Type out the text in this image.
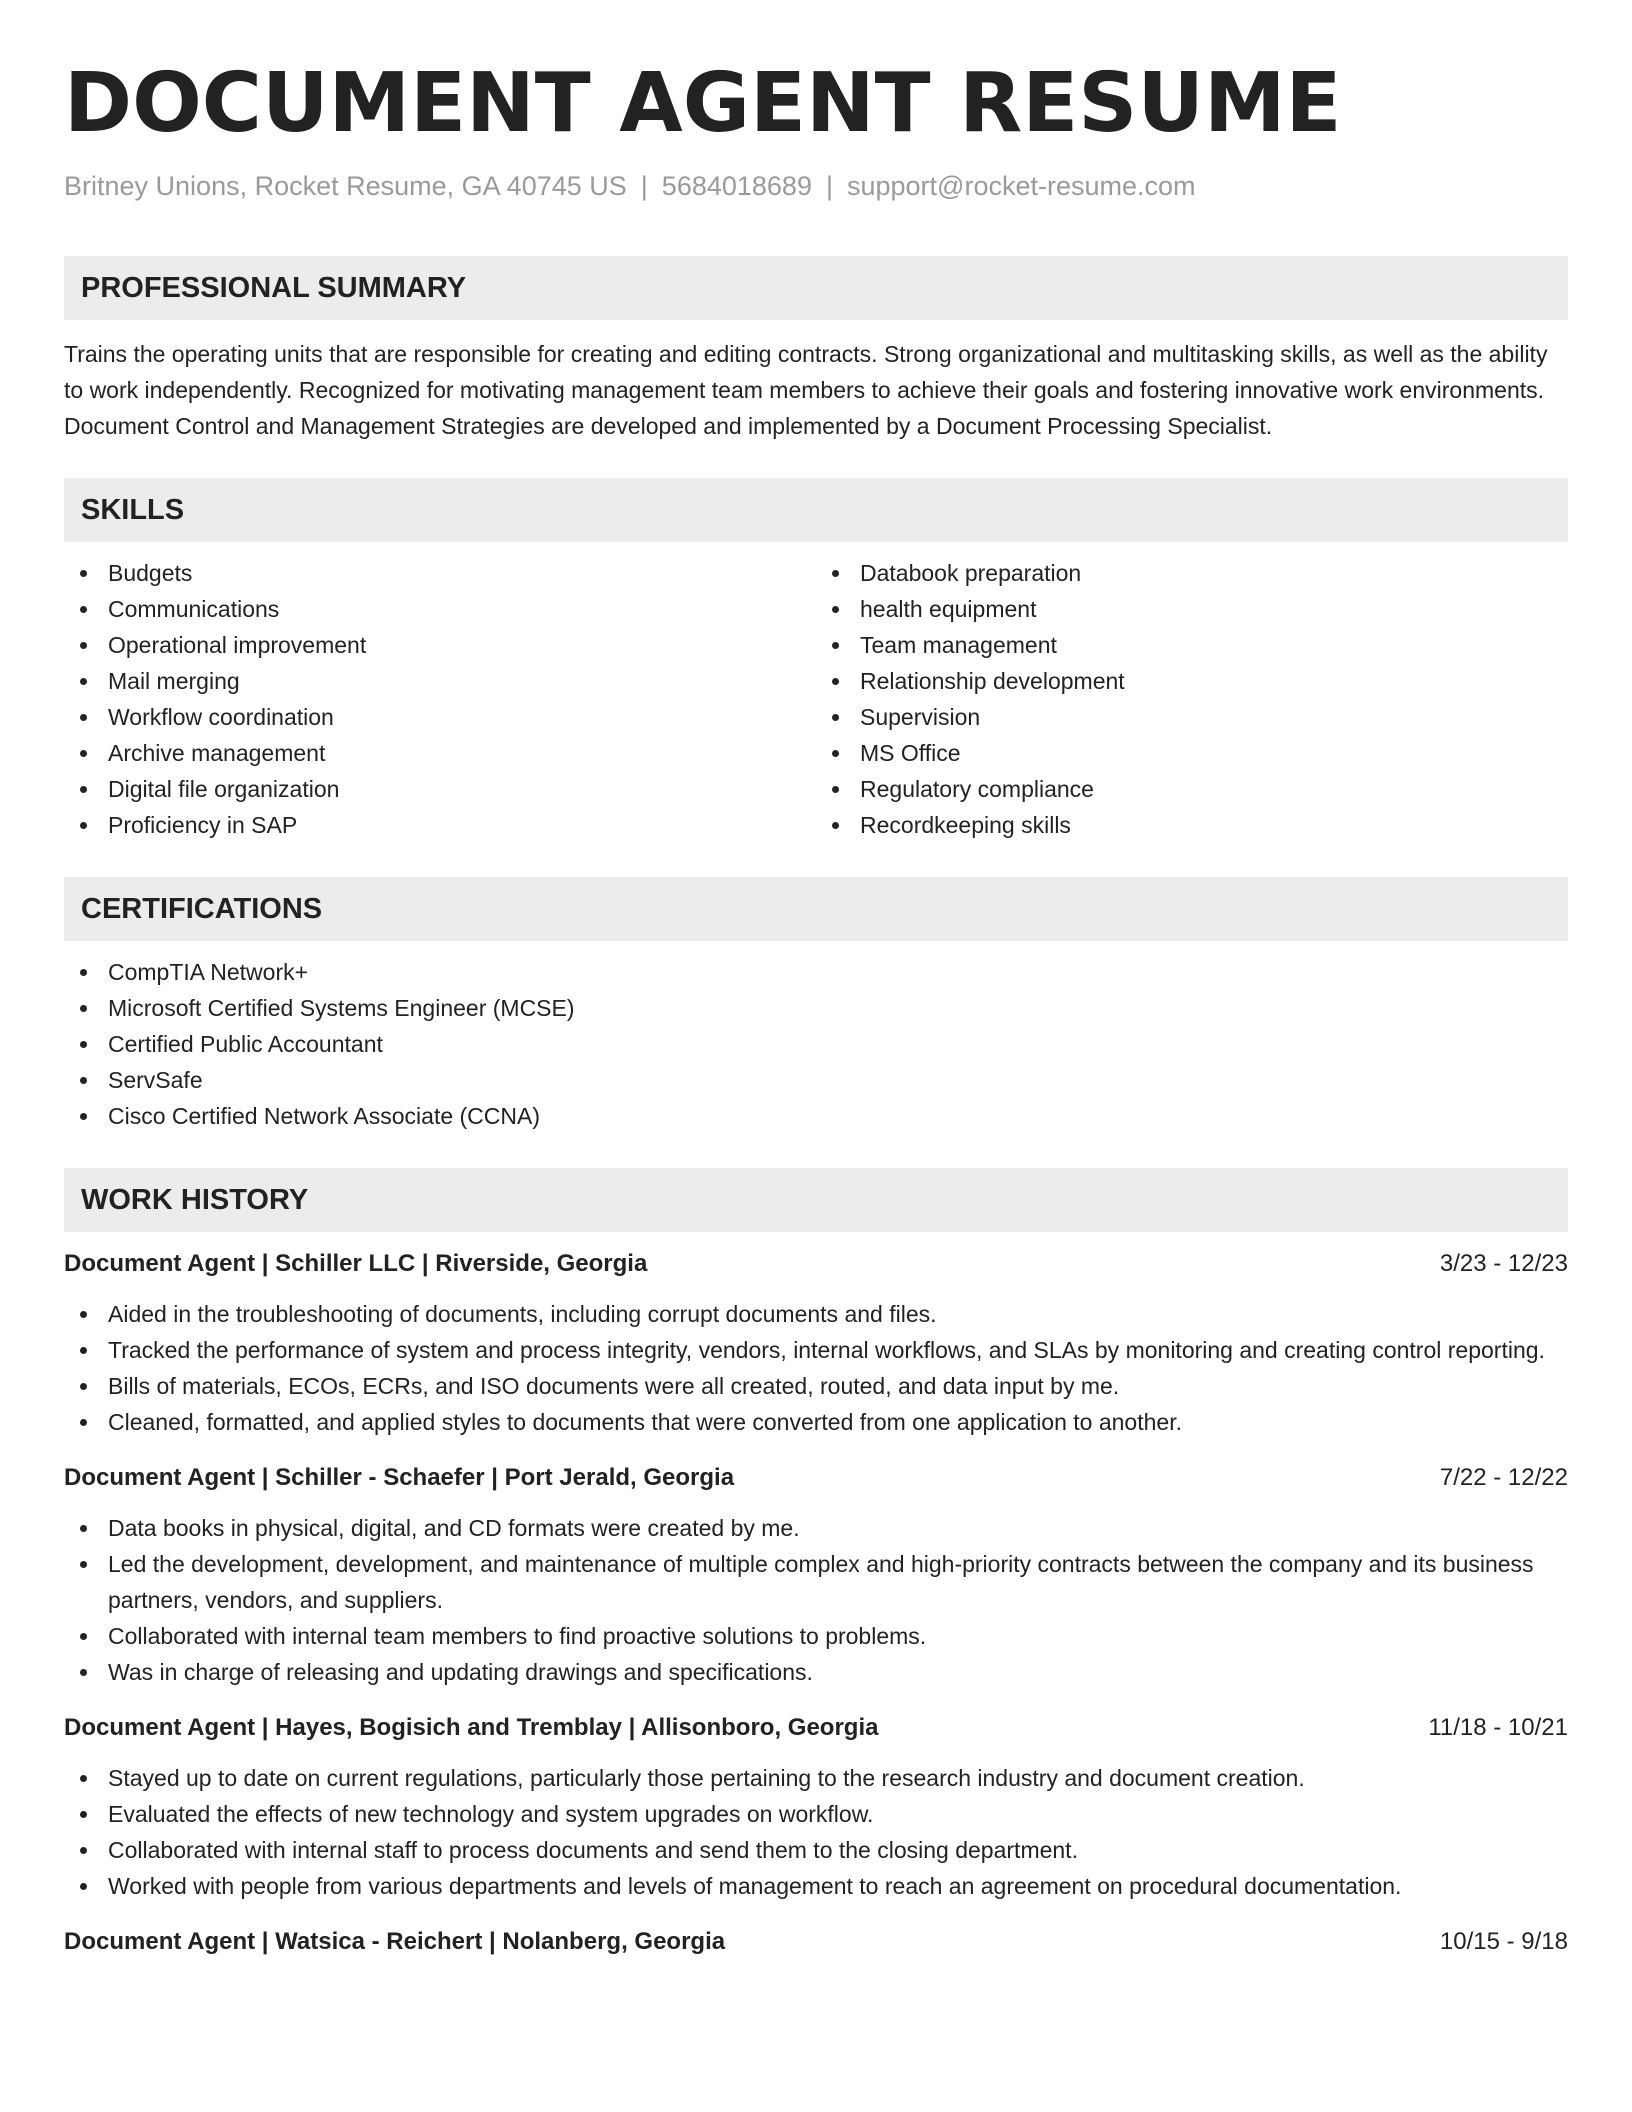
DOCUMENT AGENT RESUME
Britney Unions, Rocket Resume, GA 40745 US | 5684018689 | support@rocket-resume.com
PROFESSIONAL SUMMARY

Trains the operating units that are responsible for creating and editing contracts. Strong organizational and multitasking skills, as well as the ability to work independently. Recognized for motivating management team members to achieve their goals and fostering innovative work environments. Document Control and Management Strategies are developed and implemented by a Document Processing Specialist.

SKILLS
Budgets
Communications
Operational improvement
Mail merging
Workflow coordination
Archive management
Digital file organization
Proficiency in SAP
Databook preparation
health equipment
Team management
Relationship development
Supervision
MS Office
Regulatory compliance
Recordkeeping skills
CERTIFICATIONS
CompTIA Network+
Microsoft Certified Systems Engineer (MCSE)
Certified Public Accountant
ServSafe
Cisco Certified Network Associate (CCNA)
WORK HISTORY
Document Agent | Schiller LLC | Riverside, Georgia	3/23 - 12/23
Aided in the troubleshooting of documents, including corrupt documents and files.
Tracked the performance of system and process integrity, vendors, internal workflows, and SLAs by monitoring and creating control reporting.
Bills of materials, ECOs, ECRs, and ISO documents were all created, routed, and data input by me.
Cleaned, formatted, and applied styles to documents that were converted from one application to another.
Document Agent | Schiller - Schaefer | Port Jerald, Georgia	7/22 - 12/22
Data books in physical, digital, and CD formats were created by me.
Led the development, development, and maintenance of multiple complex and high-priority contracts between the company and its business partners, vendors, and suppliers.
Collaborated with internal team members to find proactive solutions to problems.
Was in charge of releasing and updating drawings and specifications.
Document Agent | Hayes, Bogisich and Tremblay | Allisonboro, Georgia	11/18 - 10/21
Stayed up to date on current regulations, particularly those pertaining to the research industry and document creation.
Evaluated the effects of new technology and system upgrades on workflow.
Collaborated with internal staff to process documents and send them to the closing department.
Worked with people from various departments and levels of management to reach an agreement on procedural documentation.
Document Agent | Watsica - Reichert | Nolanberg, Georgia	10/15 - 9/18
